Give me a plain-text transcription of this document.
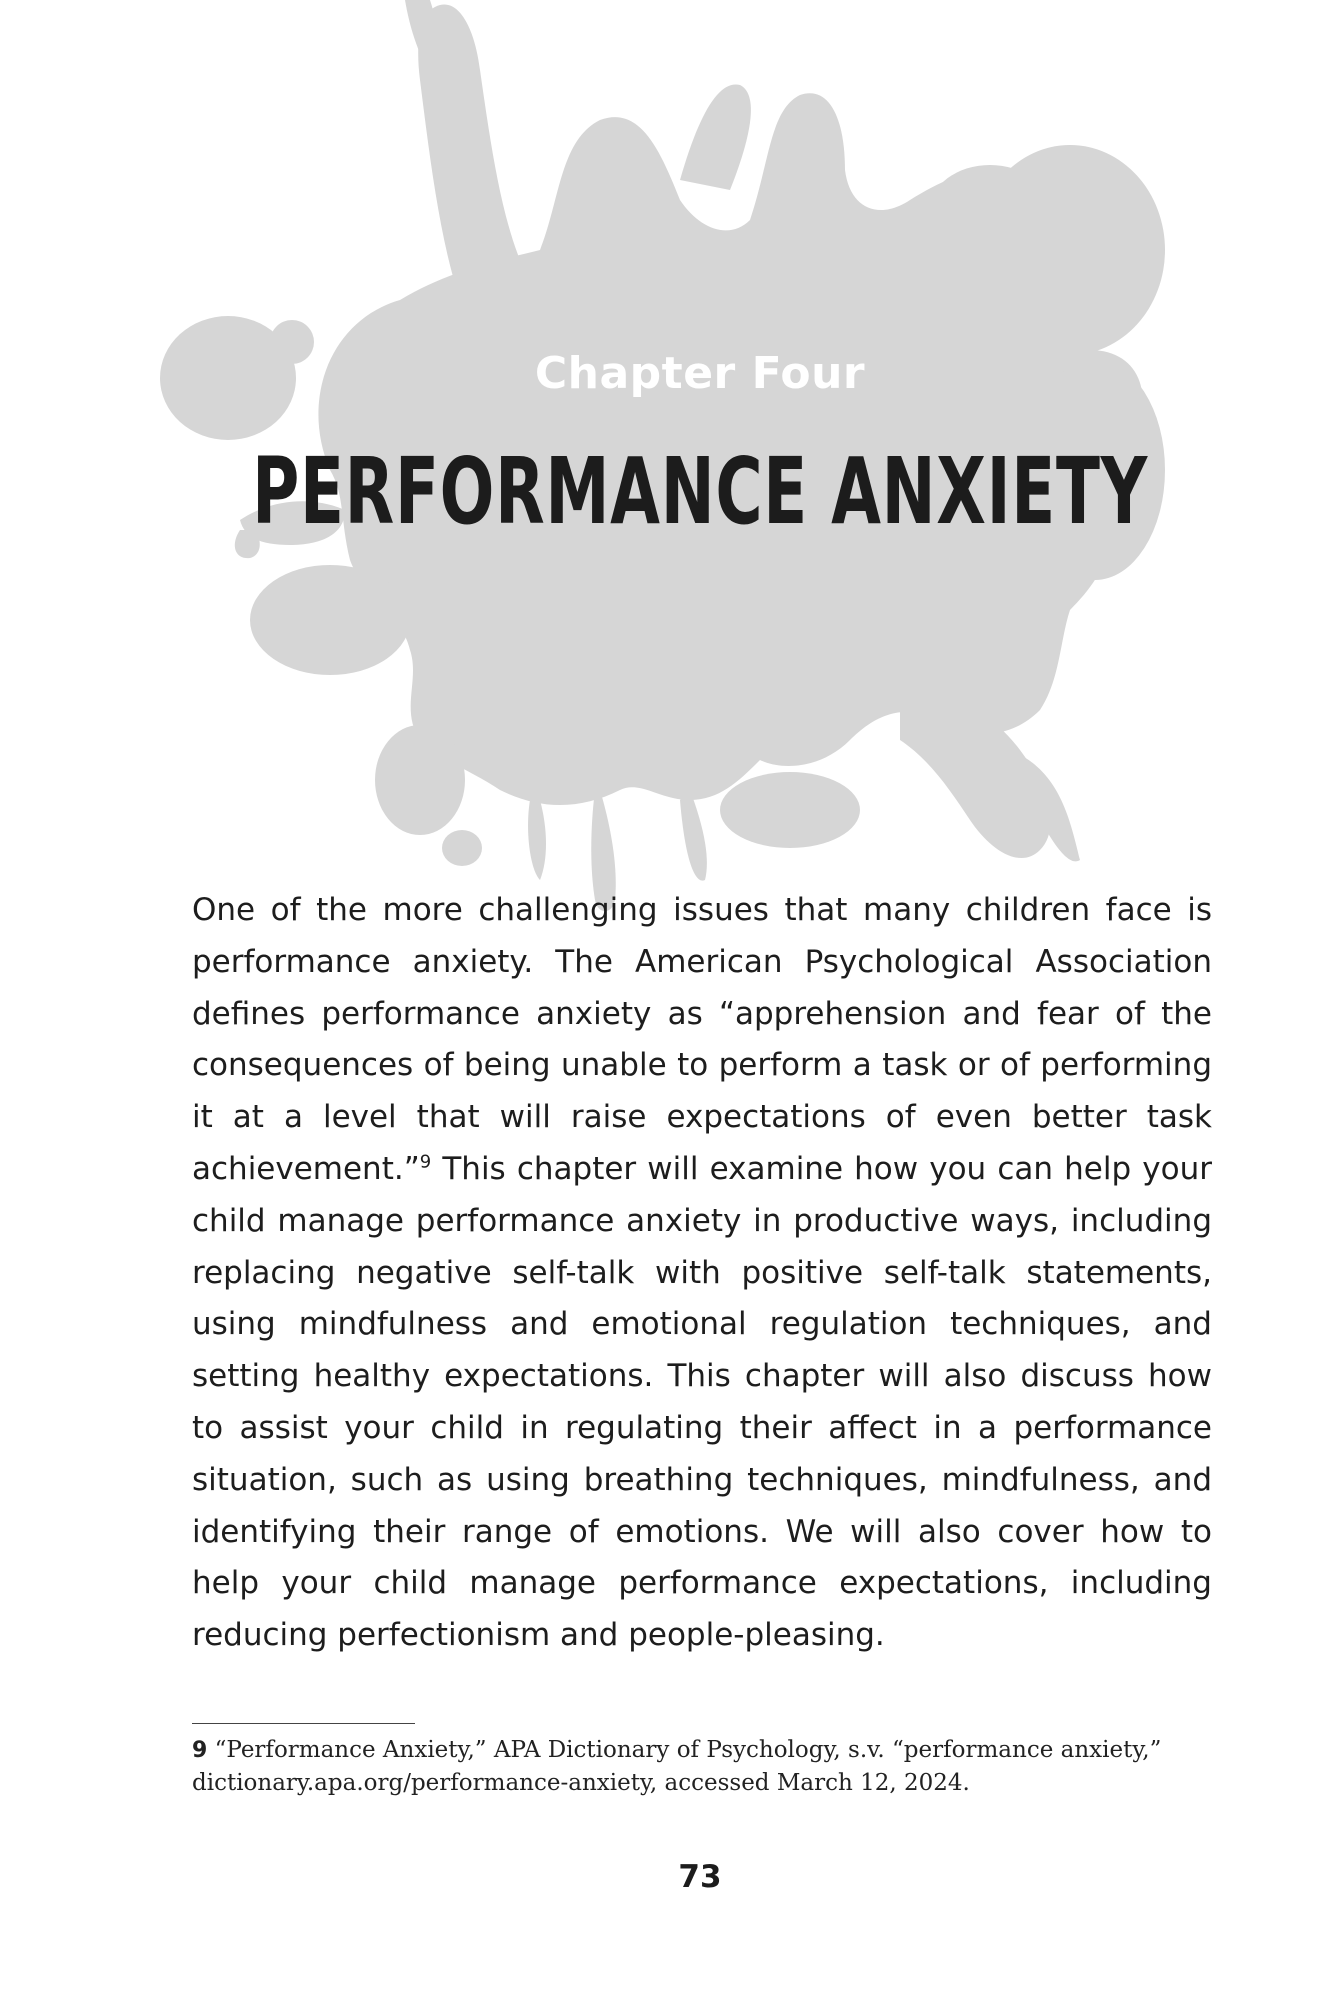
Chapter Four
PERFORMANCE ANXIETY

One of the more challenging issues that many children face is performance anxiety. The American Psychological Association defines performance anxiety as “apprehension and fear of the consequences of being unable to perform a task or of performing it at a level that will raise expectations of even better task achievement.”$^9$ This chapter will examine how you can help your child manage performance anxiety in productive ways, including replacing negative self-talk with positive self-talk statements, using mindfulness and emotional regulation techniques, and setting healthy expectations. This chapter will also discuss how to assist your child in regulating their affect in a performance situation, such as using breathing techniques, mindfulness, and identifying their range of emotions. We will also cover how to help your child manage performance expectations, including reducing perfectionism and people-pleasing.

9 “Performance Anxiety,” APA Dictionary of Psychology, s.v. “performance anxiety,” dictionary.apa.org/performance-anxiety, accessed March 12, 2024.
73
